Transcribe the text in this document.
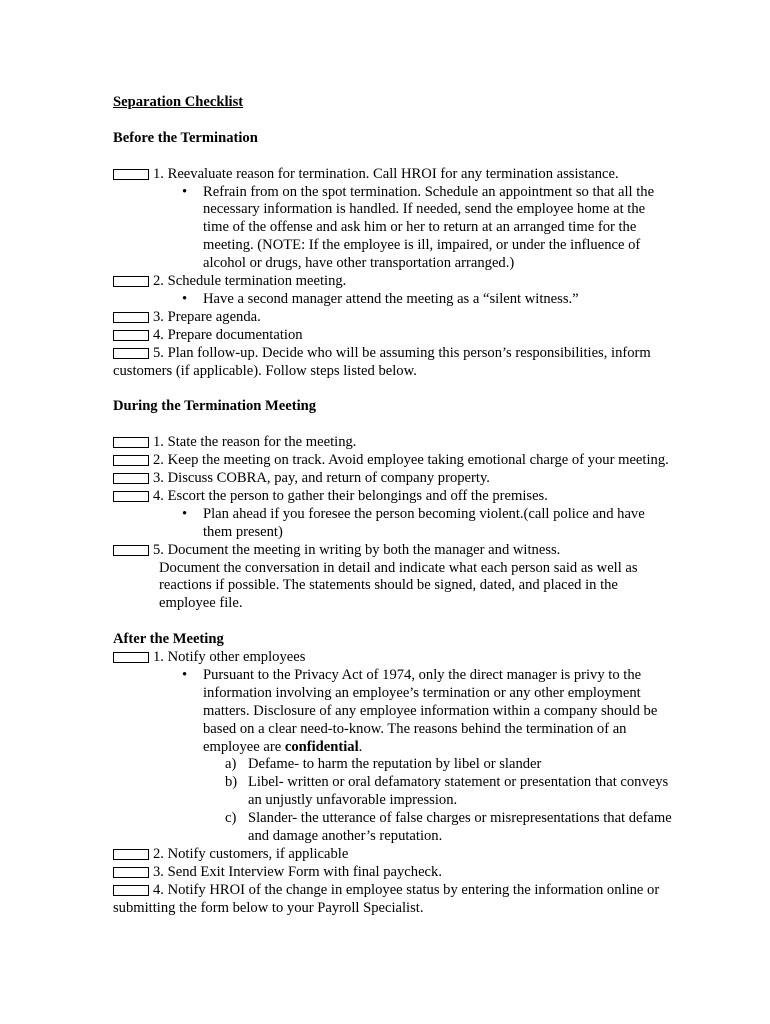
Separation Checklist

Before the Termination

1. Reevaluate reason for termination. Call HROI for any termination assistance.
• Refrain from on the spot termination. Schedule an appointment so that all the necessary information is handled. If needed, send the employee home at the time of the offense and ask him or her to return at an arranged time for the meeting. (NOTE: If the employee is ill, impaired, or under the influence of alcohol or drugs, have other transportation arranged.)
2. Schedule termination meeting.
• Have a second manager attend the meeting as a “silent witness.”
3. Prepare agenda.
4. Prepare documentation
5. Plan follow-up. Decide who will be assuming this person’s responsibilities, inform customers (if applicable). Follow steps listed below.

During the Termination Meeting

1. State the reason for the meeting.
2. Keep the meeting on track. Avoid employee taking emotional charge of your meeting.
3. Discuss COBRA, pay, and return of company property.
4. Escort the person to gather their belongings and off the premises.
• Plan ahead if you foresee the person becoming violent.(call police and have them present)
5. Document the meeting in writing by both the manager and witness.
Document the conversation in detail and indicate what each person said as well as reactions if possible. The statements should be signed, dated, and placed in the employee file.

After the Meeting

1. Notify other employees
• Pursuant to the Privacy Act of 1974, only the direct manager is privy to the information involving an employee’s termination or any other employment matters. Disclosure of any employee information within a company should be based on a clear need-to-know. The reasons behind the termination of an employee are confidential.
a) Defame- to harm the reputation by libel or slander
b) Libel- written or oral defamatory statement or presentation that conveys an unjustly unfavorable impression.
c) Slander- the utterance of false charges or misrepresentations that defame and damage another’s reputation.
2. Notify customers, if applicable
3. Send Exit Interview Form with final paycheck.
4. Notify HROI of the change in employee status by entering the information online or submitting the form below to your Payroll Specialist.
